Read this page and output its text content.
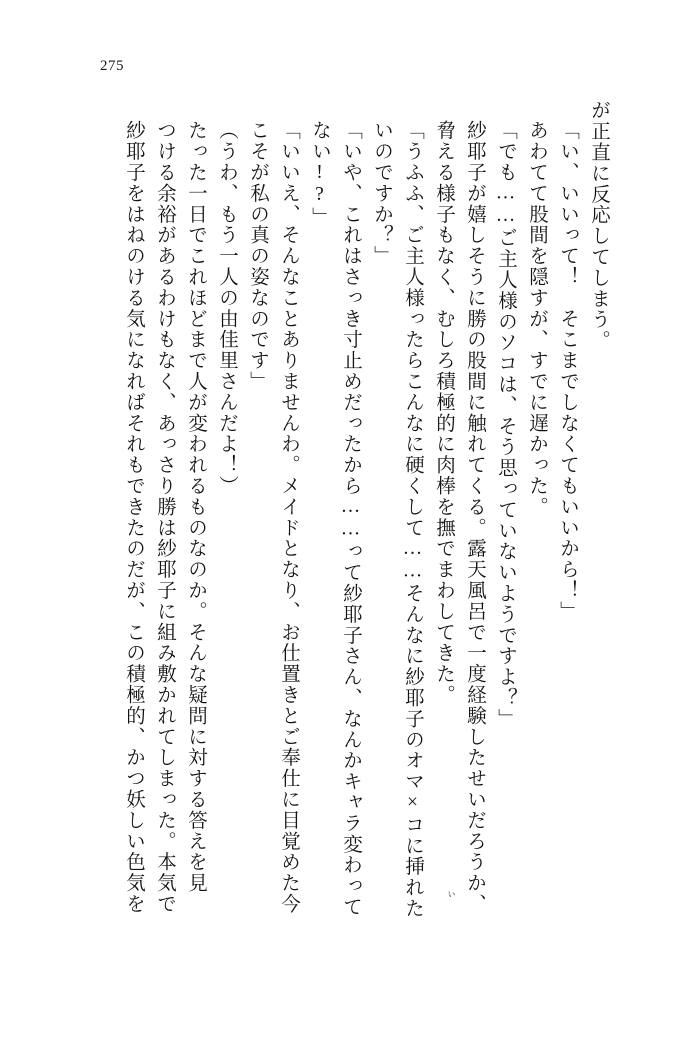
275
が正直に反応してしまう。
「い、いいって！　そこまでしなくてもいいから！」
あわてて股間を隠すが、すでに遅かった。
「でも……ご主人様のソコは、そう思っていないようですよ？」
紗耶子が嬉しそうに勝の股間に触れてくる。露天風呂で一度経験したせいだろうか、
脅える様子もなく、むしろ積極的に肉棒を撫でまわしてきた。
「うふふ、ご主人様ったらこんなに硬くして……そんなに紗耶子のオマ×コに挿れた
いのですか？」
「いや、これはさっき寸止めだったから……って紗耶子さん、なんかキャラ変わって
ない!?」
「いいえ、そんなことありませんわ。メイドとなり、お仕置きとご奉仕に目覚めた今
こそが私の真の姿なのです」
（うわ、もう一人の由佳里さんだよ！）
たった一日でこれほどまで人が変われるものなのか。そんな疑問に対する答えを見
つける余裕があるわけもなく、あっさり勝は紗耶子に組み敷かれてしまった。本気で
紗耶子をはねのける気になればそれもできたのだが、この積極的、かつ妖しい色気を	い
